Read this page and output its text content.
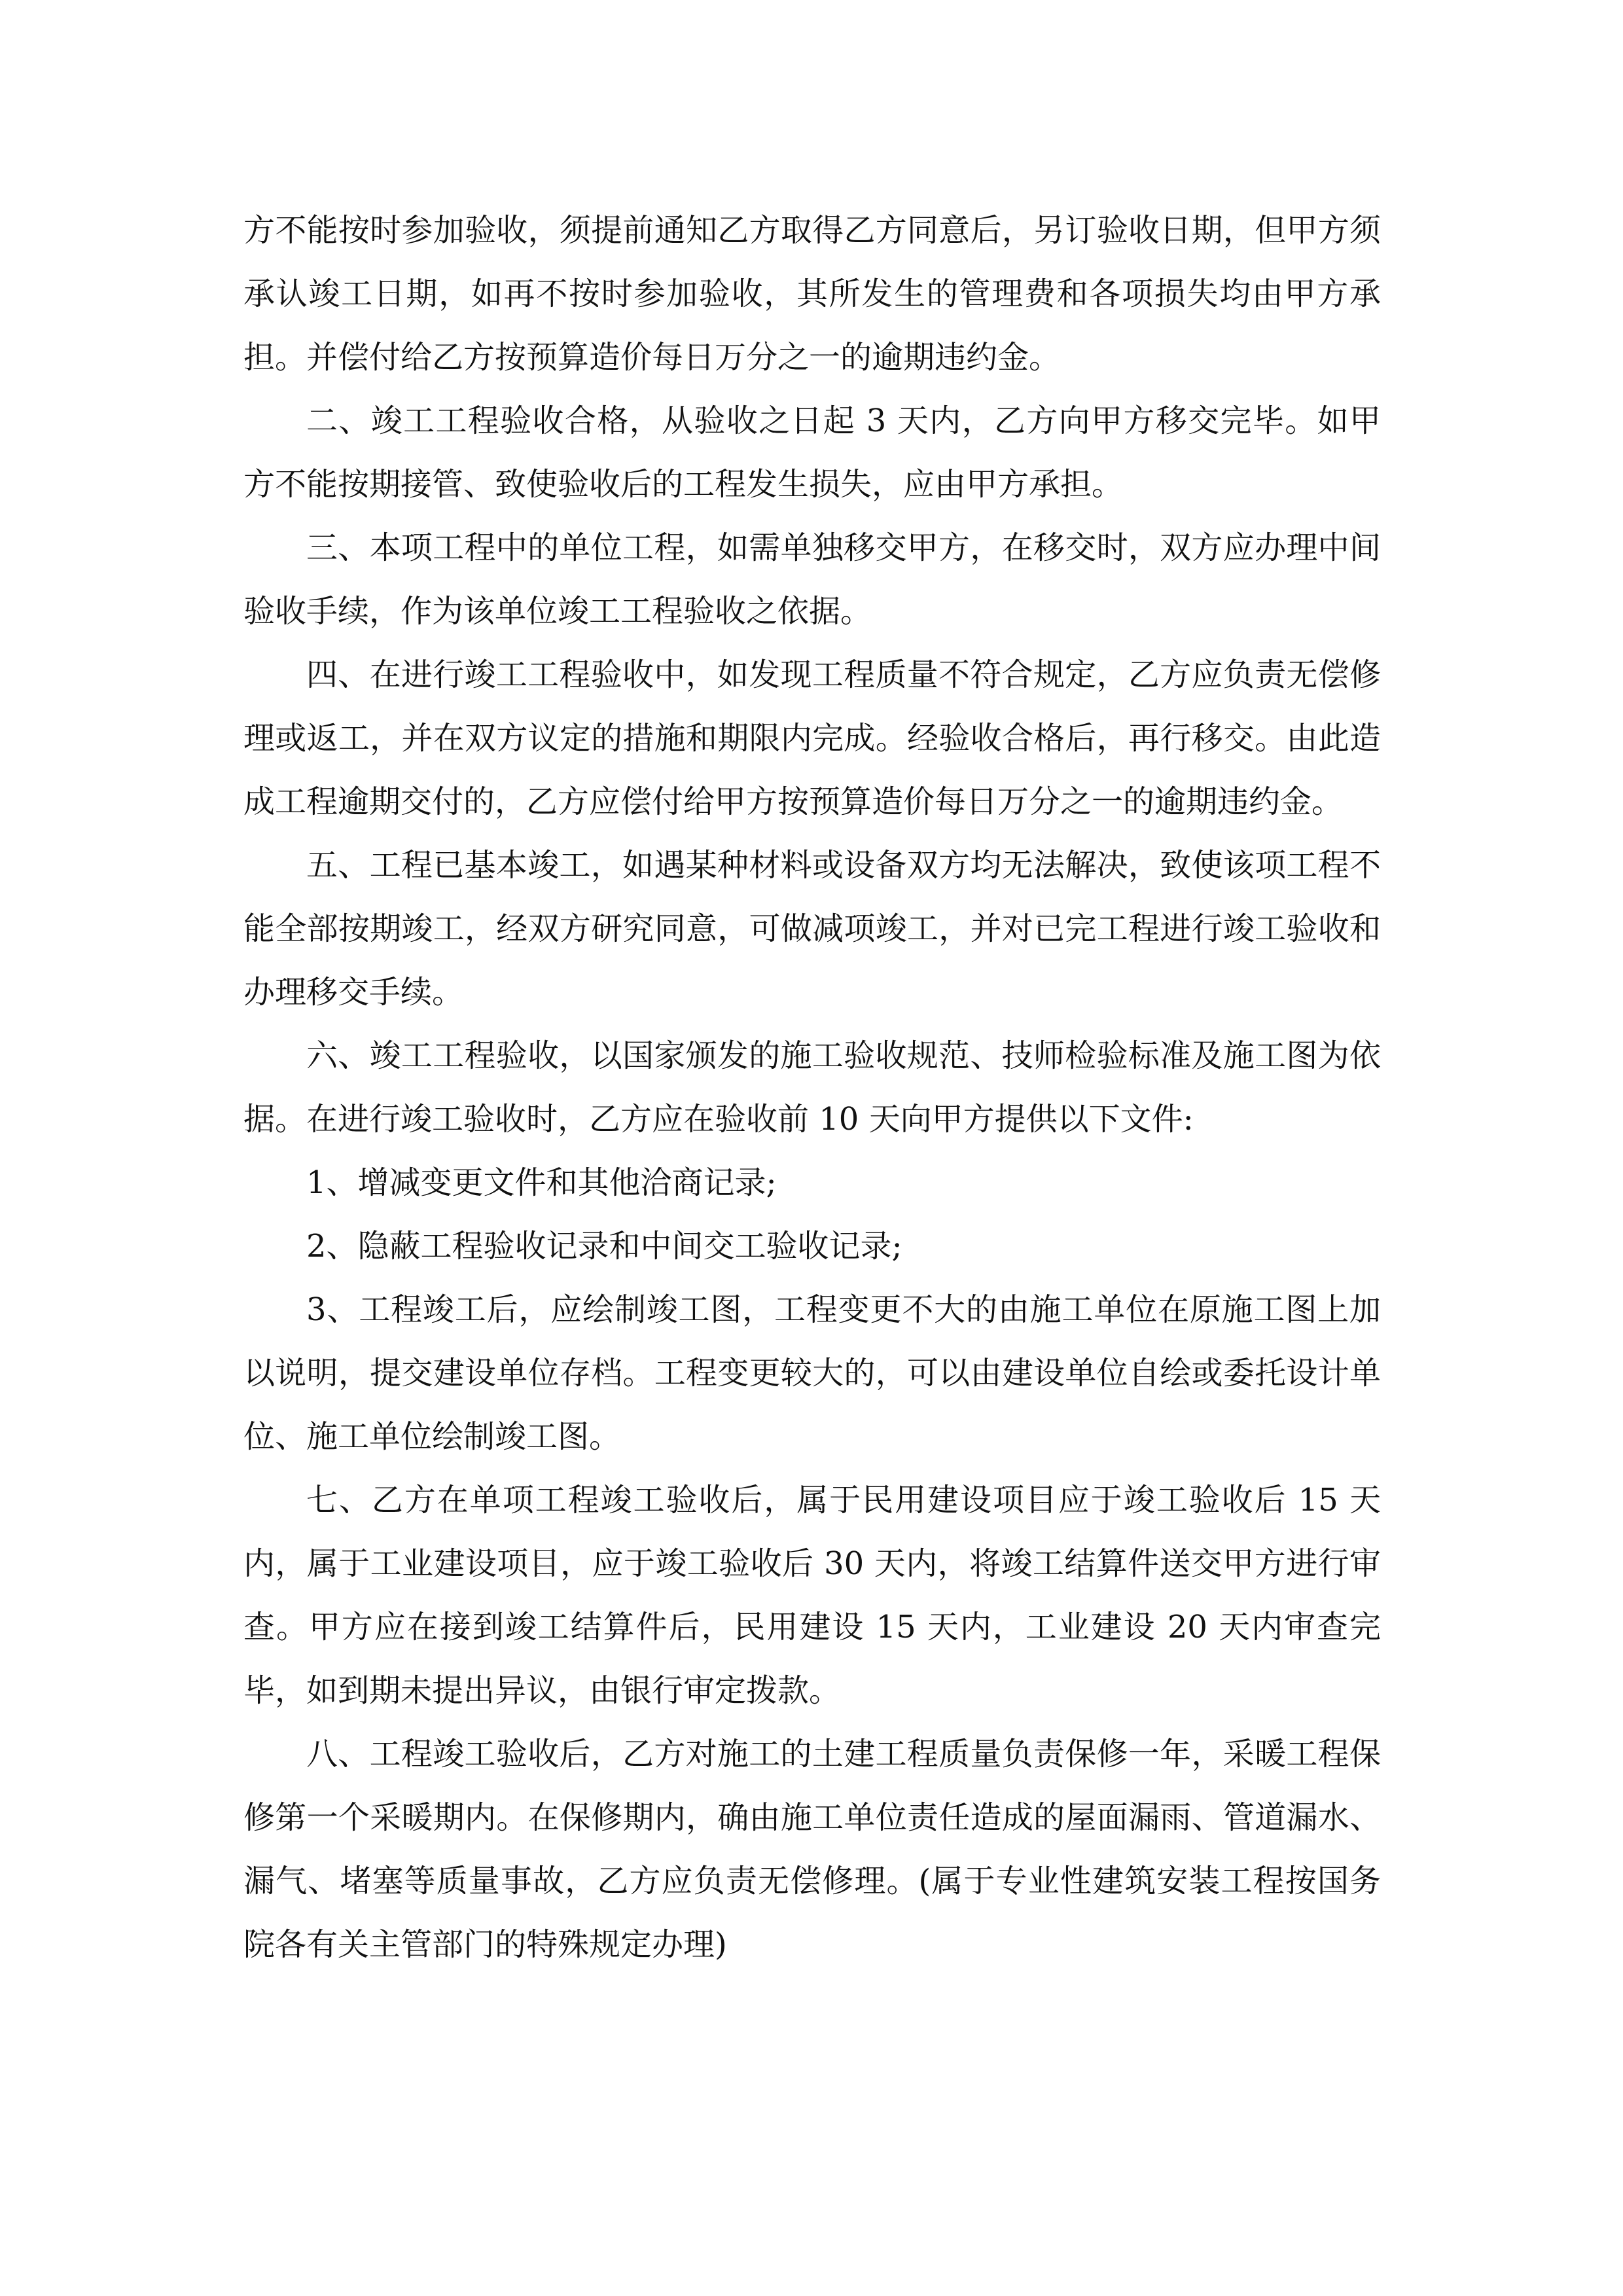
方不能按时参加验收，须提前通知乙方取得乙方同意后，另订验收日期，但甲方须承认竣工日期，如再不按时参加验收，其所发生的管理费和各项损失均由甲方承担。并偿付给乙方按预算造价每日万分之一的逾期违约金。

二、竣工工程验收合格，从验收之日起 3 天内，乙方向甲方移交完毕。如甲方不能按期接管、致使验收后的工程发生损失，应由甲方承担。

三、本项工程中的单位工程，如需单独移交甲方，在移交时，双方应办理中间验收手续，作为该单位竣工工程验收之依据。

四、在进行竣工工程验收中，如发现工程质量不符合规定，乙方应负责无偿修理或返工，并在双方议定的措施和期限内完成。经验收合格后，再行移交。由此造成工程逾期交付的，乙方应偿付给甲方按预算造价每日万分之一的逾期违约金。

五、工程已基本竣工，如遇某种材料或设备双方均无法解决，致使该项工程不能全部按期竣工，经双方研究同意，可做减项竣工，并对已完工程进行竣工验收和办理移交手续。

六、竣工工程验收，以国家颁发的施工验收规范、技师检验标准及施工图为依据。在进行竣工验收时，乙方应在验收前 10 天向甲方提供以下文件:

1、增减变更文件和其他洽商记录;

2、隐蔽工程验收记录和中间交工验收记录;

3、工程竣工后，应绘制竣工图，工程变更不大的由施工单位在原施工图上加以说明，提交建设单位存档。工程变更较大的，可以由建设单位自绘或委托设计单位、施工单位绘制竣工图。

七、乙方在单项工程竣工验收后，属于民用建设项目应于竣工验收后 15 天内，属于工业建设项目，应于竣工验收后 30 天内，将竣工结算件送交甲方进行审查。甲方应在接到竣工结算件后，民用建设 15 天内，工业建设 20 天内审查完毕，如到期未提出异议，由银行审定拨款。

八、工程竣工验收后，乙方对施工的土建工程质量负责保修一年，采暖工程保修第一个采暖期内。在保修期内，确由施工单位责任造成的屋面漏雨、管道漏水、漏气、堵塞等质量事故，乙方应负责无偿修理。(属于专业性建筑安装工程按国务院各有关主管部门的特殊规定办理)
